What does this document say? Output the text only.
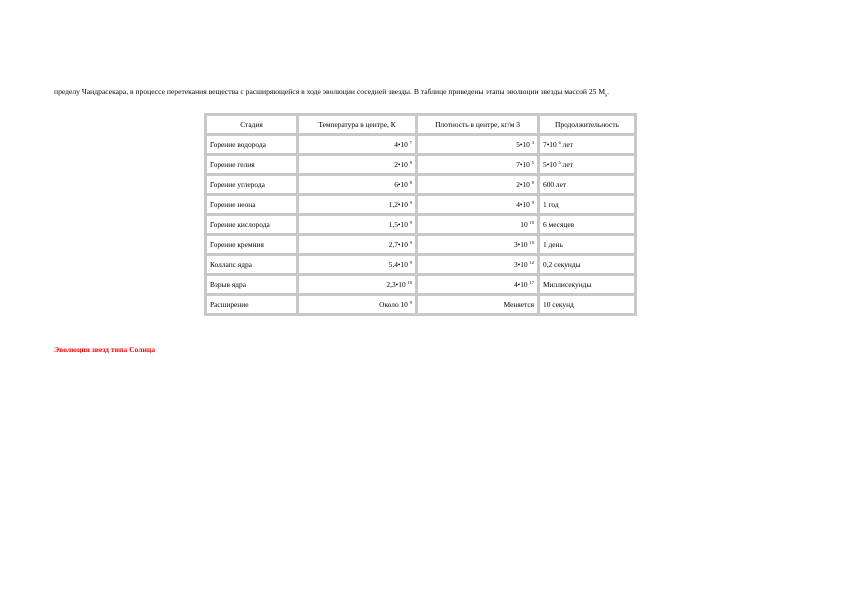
пределу Чандрасекара, в процессе перетекания вещества с расширяющейся в ходе эволюции соседней звезды. В таблице приведены этапы эволюции звезды массой 25 $M_s$.
Стадия	Температура в центре, К	Плотность в центре, кг/м 3	Продолжительность
Горение водорода	4•10 $^7$	5•10 $^3$	7•10 $^6$ лет
Горение гелия	2•10 $^8$	7•10 $^5$	5•10 $^5$ лет
Горение углерода	6•10 $^8$	2•10 $^8$	600 лет
Горение неона	1,2•10 $^9$	4•10 $^9$	1 год
Горение кислорода	1,5•10 $^9$	10 $^{10}$	6 месяцев
Горение кремния	2,7•10 $^9$	3•10 $^{10}$	1 день
Коллапс ядра	5,4•10 $^9$	3•10 $^{12}$	0,2 секунды
Взрыв ядра	2,3•10 $^{10}$	4•10 $^{17}$	Миллисекунды
Расширение	Около 10 $^9$	Меняется	10 секунд
Эволюция звезд типа Солнца
